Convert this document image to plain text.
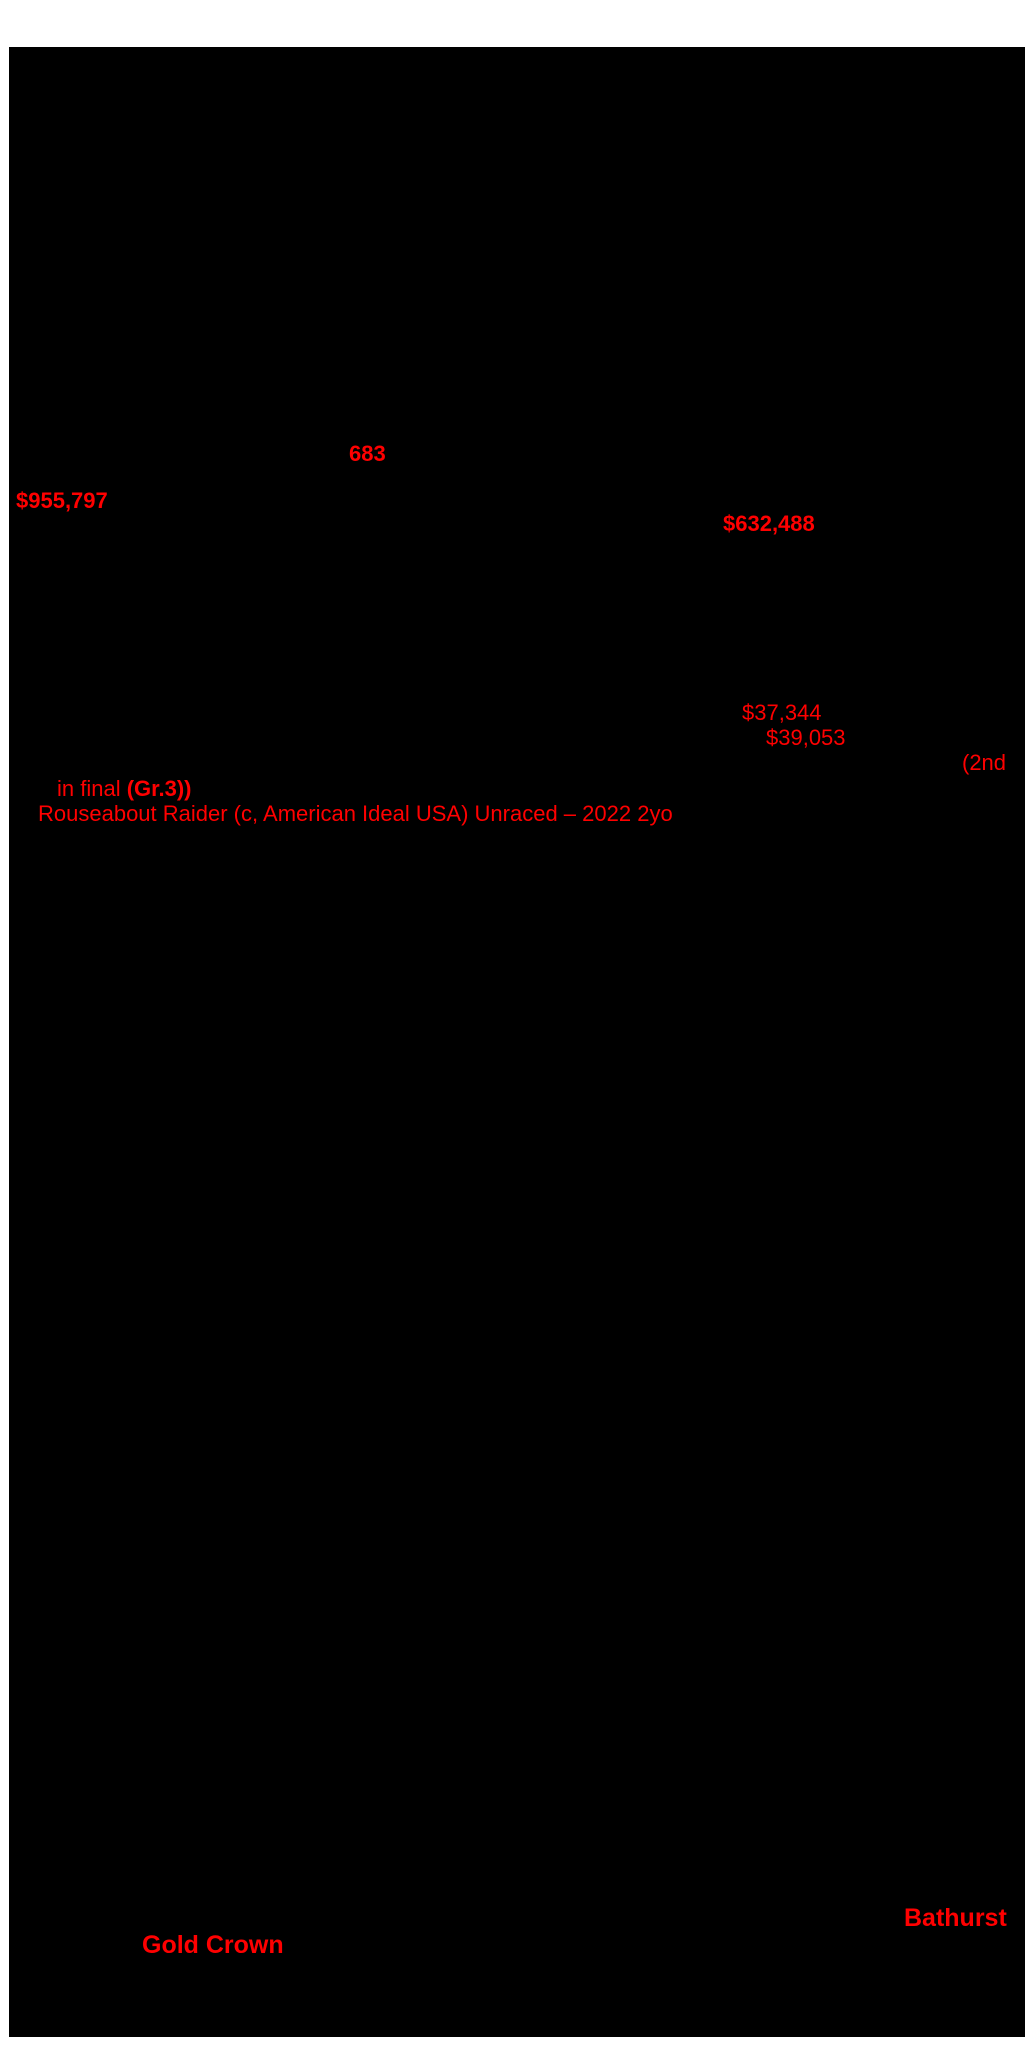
683
$955,797
$632,488
$37,344
$39,053
(2nd
in final (Gr.3))
Rouseabout Raider (c, American Ideal USA) Unraced – 2022 2yo
Bathurst
Gold Crown
